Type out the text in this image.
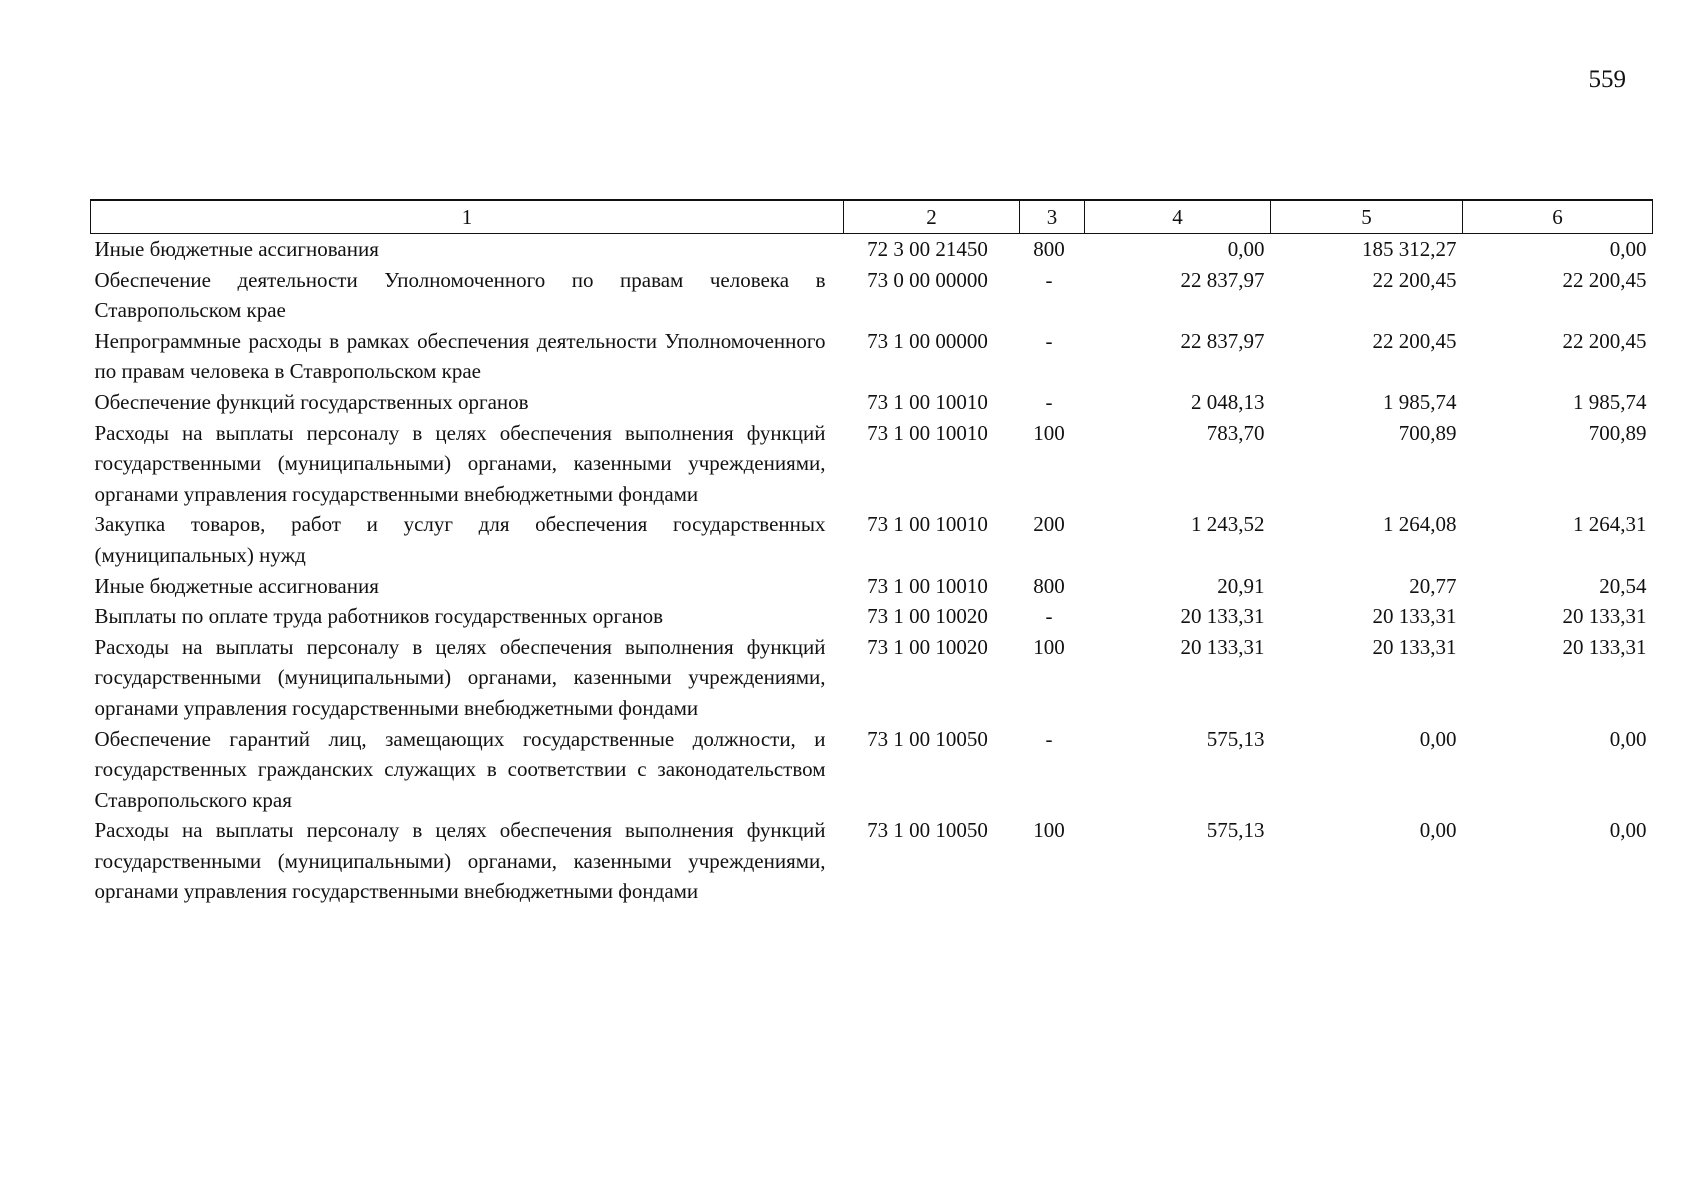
559
1	2	3	4	5	6
Иные бюджетные ассигнования	72 3 00 21450	800	0,00	185 312,27	0,00
Обеспечение деятельности Уполномоченного по правам человека в Ставропольском крае	73 0 00 00000	-	22 837,97	22 200,45	22 200,45
Непрограммные расходы в рамках обеспечения деятельности Уполномоченного по правам человека в Ставропольском крае	73 1 00 00000	-	22 837,97	22 200,45	22 200,45
Обеспечение функций государственных органов	73 1 00 10010	-	2 048,13	1 985,74	1 985,74
Расходы на выплаты персоналу в целях обеспечения выполнения функций государственными (муниципальными) органами, казенными учреждениями, органами управления государственными внебюджетными фондами	73 1 00 10010	100	783,70	700,89	700,89
Закупка товаров, работ и услуг для обеспечения государственных (муниципальных) нужд	73 1 00 10010	200	1 243,52	1 264,08	1 264,31
Иные бюджетные ассигнования	73 1 00 10010	800	20,91	20,77	20,54
Выплаты по оплате труда работников государственных органов	73 1 00 10020	-	20 133,31	20 133,31	20 133,31
Расходы на выплаты персоналу в целях обеспечения выполнения функций государственными (муниципальными) органами, казенными учреждениями, органами управления государственными внебюджетными фондами	73 1 00 10020	100	20 133,31	20 133,31	20 133,31
Обеспечение гарантий лиц, замещающих государственные должности, и государственных гражданских служащих в соответствии с законодательством Ставропольского края	73 1 00 10050	-	575,13	0,00	0,00
Расходы на выплаты персоналу в целях обеспечения выполнения функций государственными (муниципальными) органами, казенными учреждениями, органами управления государственными внебюджетными фондами	73 1 00 10050	100	575,13	0,00	0,00
